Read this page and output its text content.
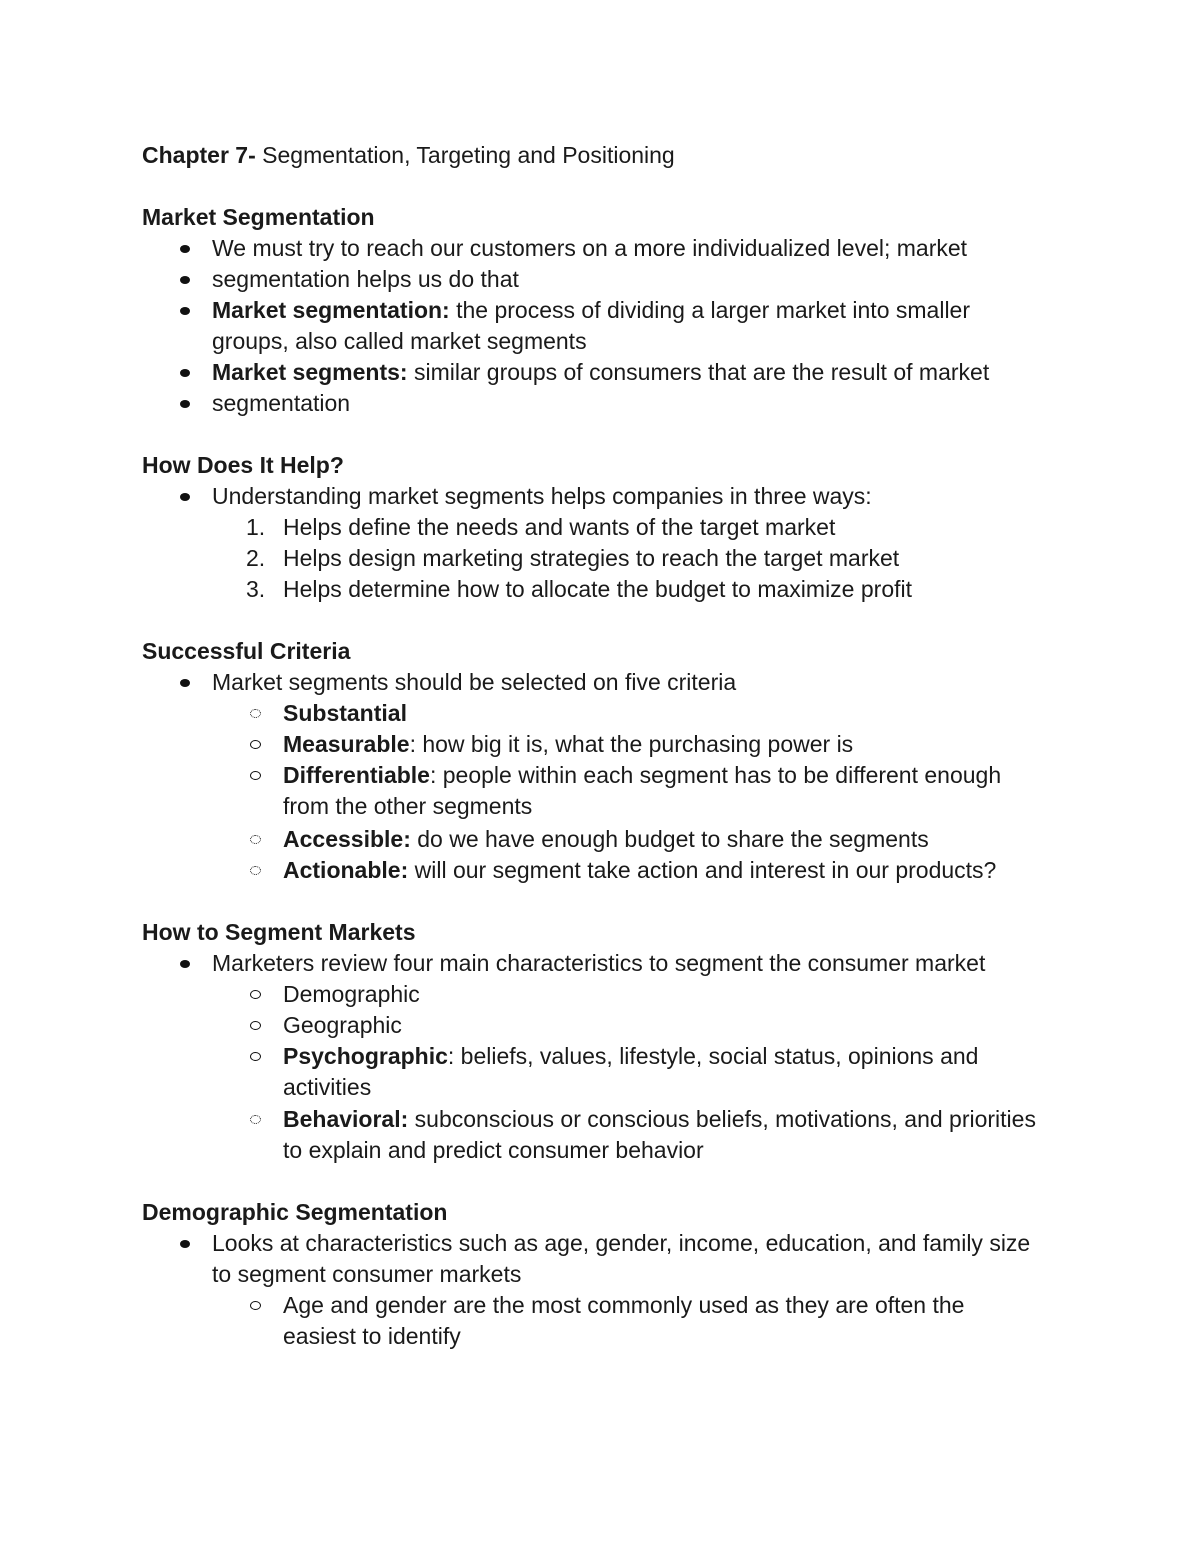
Chapter 7- Segmentation, Targeting and Positioning
Market Segmentation
We must try to reach our customers on a more individualized level; market
segmentation helps us do that
Market segmentation: the process of dividing a larger market into smaller
groups, also called market segments
Market segments: similar groups of consumers that are the result of market
segmentation
How Does It Help?
Understanding market segments helps companies in three ways:
1. Helps define the needs and wants of the target market
2. Helps design marketing strategies to reach the target market
3. Helps determine how to allocate the budget to maximize profit
Successful Criteria
Market segments should be selected on five criteria
Substantial
Measurable: how big it is, what the purchasing power is
Differentiable: people within each segment has to be different enough
from the other segments
Accessible: do we have enough budget to share the segments
Actionable: will our segment take action and interest in our products?
How to Segment Markets
Marketers review four main characteristics to segment the consumer market
Demographic
Geographic
Psychographic: beliefs, values, lifestyle, social status, opinions and
activities
Behavioral: subconscious or conscious beliefs, motivations, and priorities
to explain and predict consumer behavior
Demographic Segmentation
Looks at characteristics such as age, gender, income, education, and family size
to segment consumer markets
Age and gender are the most commonly used as they are often the
easiest to identify
